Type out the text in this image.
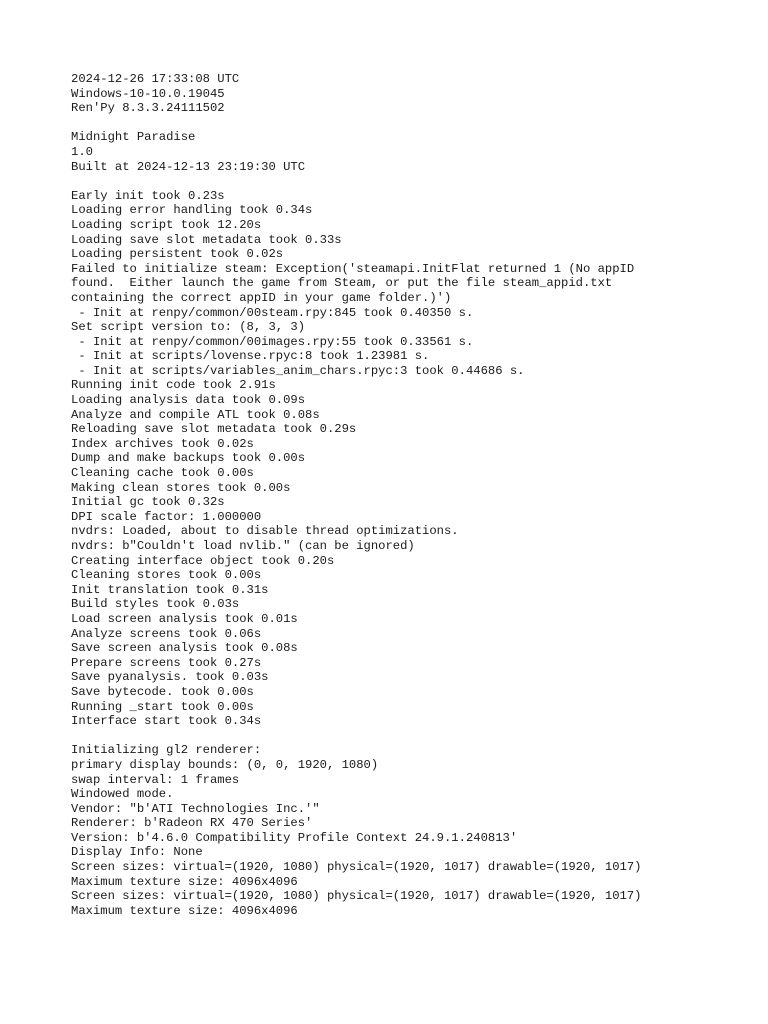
2024-12-26 17:33:08 UTC
Windows-10-10.0.19045
Ren'Py 8.3.3.24111502
Midnight Paradise
1.0
Built at 2024-12-13 23:19:30 UTC
Early init took 0.23s
Loading error handling took 0.34s
Loading script took 12.20s
Loading save slot metadata took 0.33s
Loading persistent took 0.02s
Failed to initialize steam: Exception('steamapi.InitFlat returned 1 (No appID
found.  Either launch the game from Steam, or put the file steam_appid.txt
containing the correct appID in your game folder.)')
- Init at renpy/common/00steam.rpy:845 took 0.40350 s.
Set script version to: (8, 3, 3)
- Init at renpy/common/00images.rpy:55 took 0.33561 s.
- Init at scripts/lovense.rpyc:8 took 1.23981 s.
- Init at scripts/variables_anim_chars.rpyc:3 took 0.44686 s.
Running init code took 2.91s
Loading analysis data took 0.09s
Analyze and compile ATL took 0.08s
Reloading save slot metadata took 0.29s
Index archives took 0.02s
Dump and make backups took 0.00s
Cleaning cache took 0.00s
Making clean stores took 0.00s
Initial gc took 0.32s
DPI scale factor: 1.000000
nvdrs: Loaded, about to disable thread optimizations.
nvdrs: b"Couldn't load nvlib." (can be ignored)
Creating interface object took 0.20s
Cleaning stores took 0.00s
Init translation took 0.31s
Build styles took 0.03s
Load screen analysis took 0.01s
Analyze screens took 0.06s
Save screen analysis took 0.08s
Prepare screens took 0.27s
Save pyanalysis. took 0.03s
Save bytecode. took 0.00s
Running _start took 0.00s
Interface start took 0.34s
Initializing gl2 renderer:
primary display bounds: (0, 0, 1920, 1080)
swap interval: 1 frames
Windowed mode.
Vendor: "b'ATI Technologies Inc.'"
Renderer: b'Radeon RX 470 Series'
Version: b'4.6.0 Compatibility Profile Context 24.9.1.240813'
Display Info: None
Screen sizes: virtual=(1920, 1080) physical=(1920, 1017) drawable=(1920, 1017)
Maximum texture size: 4096x4096
Screen sizes: virtual=(1920, 1080) physical=(1920, 1017) drawable=(1920, 1017)
Maximum texture size: 4096x4096
